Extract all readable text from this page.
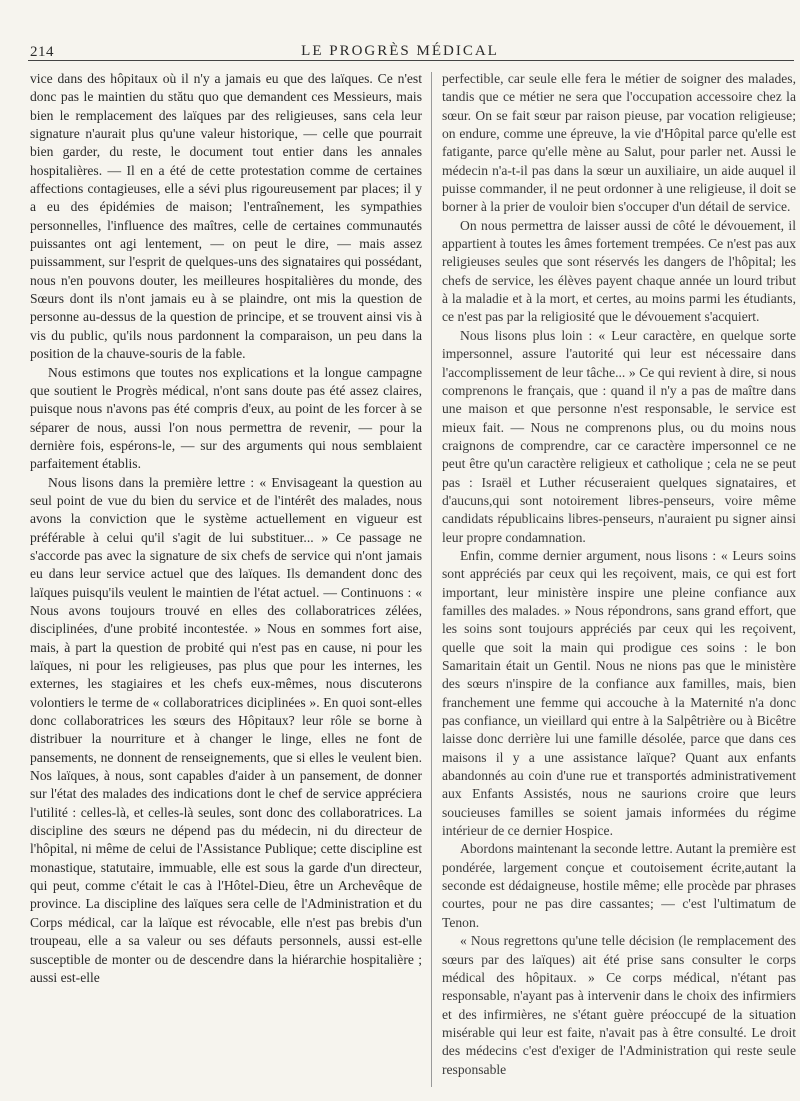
214	LE PROGRÈS MÉDICAL

vice dans des hôpitaux où il n'y a jamais eu que des laïques. Ce n'est donc pas le maintien du stătu quo que demandent ces Messieurs, mais bien le remplacement des laïques par des religieuses, sans cela leur signature n'aurait plus qu'une valeur historique, — celle que pourrait bien garder, du reste, le document tout entier dans les annales hospitalières. — Il en a été de cette protestation comme de certaines affections contagieuses, elle a sévi plus rigoureusement par places; il y a eu des épidémies de maison; l'entraînement, les sympathies personnelles, l'influence des maîtres, celle de certaines communautés puissantes ont agi lentement, — on peut le dire, — mais assez puissamment, sur l'esprit de quelques-uns des signataires qui possédant, nous n'en pouvons douter, les meilleures hospitalières du monde, des Sœurs dont ils n'ont jamais eu à se plaindre, ont mis la question de personne au-dessus de la question de principe, et se trouvent ainsi vis à vis du public, qu'ils nous pardonnent la comparaison, un peu dans la position de la chauve-souris de la fable.

Nous estimons que toutes nos explications et la longue campagne que soutient le Progrès médical, n'ont sans doute pas été assez claires, puisque nous n'avons pas été compris d'eux, au point de les forcer à se séparer de nous, aussi l'on nous permettra de revenir, — pour la dernière fois, espérons-le, — sur des arguments qui nous semblaient parfaitement établis.

Nous lisons dans la première lettre : « Envisageant la question au seul point de vue du bien du service et de l'intérêt des malades, nous avons la conviction que le système actuellement en vigueur est préférable à celui qu'il s'agit de lui substituer... » Ce passage ne s'accorde pas avec la signature de six chefs de service qui n'ont jamais eu dans leur service actuel que des laïques. Ils demandent donc des laïques puisqu'ils veulent le maintien de l'état actuel. — Continuons : « Nous avons toujours trouvé en elles des collaboratrices zélées, disciplinées, d'une probité incontestée. » Nous en sommes fort aise, mais, à part la question de probité qui n'est pas en cause, ni pour les laïques, ni pour les religieuses, pas plus que pour les internes, les externes, les stagiaires et les chefs eux-mêmes, nous discuterons volontiers le terme de « collaboratrices diciplinées ». En quoi sont-elles donc collaboratrices les sœurs des Hôpitaux? leur rôle se borne à distribuer la nourriture et à changer le linge, elles ne font de pansements, ne donnent de renseignements, que si elles le veulent bien. Nos laïques, à nous, sont capables d'aider à un pansement, de donner sur l'état des malades des indications dont le chef de service appréciera l'utilité : celles-là, et celles-là seules, sont donc des collaboratrices. La discipline des sœurs ne dépend pas du médecin, ni du directeur de l'hôpital, ni même de celui de l'Assistance Publique; cette discipline est monastique, statutaire, immuable, elle est sous la garde d'un directeur, qui peut, comme c'était le cas à l'Hôtel-Dieu, être un Archevêque de province. La discipline des laïques sera celle de l'Administration et du Corps médical, car la laïque est révocable, elle n'est pas brebis d'un troupeau, elle a sa valeur ou ses défauts personnels, aussi est-elle susceptible de monter ou de descendre dans la hiérarchie hospitalière ; aussi est-elle

perfectible, car seule elle fera le métier de soigner des malades, tandis que ce métier ne sera que l'occupation accessoire chez la sœur. On se fait sœur par raison pieuse, par vocation religieuse; on endure, comme une épreuve, la vie d'Hôpital parce qu'elle est fatigante, parce qu'elle mène au Salut, pour parler net. Aussi le médecin n'a-t-il pas dans la sœur un auxiliaire, un aide auquel il puisse commander, il ne peut ordonner à une religieuse, il doit se borner à la prier de vouloir bien s'occuper d'un détail de service.

On nous permettra de laisser aussi de côté le dévouement, il appartient à toutes les âmes fortement trempées. Ce n'est pas aux religieuses seules que sont réservés les dangers de l'hôpital; les chefs de service, les élèves payent chaque année un lourd tribut à la maladie et à la mort, et certes, au moins parmi les étudiants, ce n'est pas par la religiosité que le dévouement s'acquiert.

Nous lisons plus loin : « Leur caractère, en quelque sorte impersonnel, assure l'autorité qui leur est nécessaire dans l'accomplissement de leur tâche... » Ce qui revient à dire, si nous comprenons le français, que : quand il n'y a pas de maître dans une maison et que personne n'est responsable, le service est mieux fait. — Nous ne comprenons plus, ou du moins nous craignons de comprendre, car ce caractère impersonnel ce ne peut être qu'un caractère religieux et catholique ; cela ne se peut pas : Israël et Luther récuseraient quelques signataires, et d'aucuns,qui sont notoirement libres-penseurs, voire même candidats républicains libres-penseurs, n'auraient pu signer ainsi leur propre condamnation.

Enfin, comme dernier argument, nous lisons : « Leurs soins sont appréciés par ceux qui les reçoivent, mais, ce qui est fort important, leur ministère inspire une pleine confiance aux familles des malades. » Nous répondrons, sans grand effort, que les soins sont toujours appréciés par ceux qui les reçoivent, quelle que soit la main qui prodigue ces soins : le bon Samaritain était un Gentil. Nous ne nions pas que le ministère des sœurs n'inspire de la confiance aux familles, mais, bien franchement une femme qui accouche à la Maternité n'a donc pas confiance, un vieillard qui entre à la Salpêtrière ou à Bicêtre laisse donc derrière lui une famille désolée, parce que dans ces maisons il y a une assistance laïque? Quant aux enfants abandonnés au coin d'une rue et transportés administrativement aux Enfants Assistés, nous ne saurions croire que leurs soucieuses familles se soient jamais informées du régime intérieur de ce dernier Hospice.

Abordons maintenant la seconde lettre. Autant la première est pondérée, largement conçue et coutoisement écrite,autant la seconde est dédaigneuse, hostile même; elle procède par phrases courtes, pour ne pas dire cassantes; — c'est l'ultimatum de Tenon.

« Nous regrettons qu'une telle décision (le remplacement des sœurs par des laïques) ait été prise sans consulter le corps médical des hôpitaux. » Ce corps médical, n'étant pas responsable, n'ayant pas à intervenir dans le choix des infirmiers et des infirmières, ne s'étant guère préoccupé de la situation misérable qui leur est faite, n'avait pas à être consulté. Le droit des médecins c'est d'exiger de l'Administration qui reste seule responsable
